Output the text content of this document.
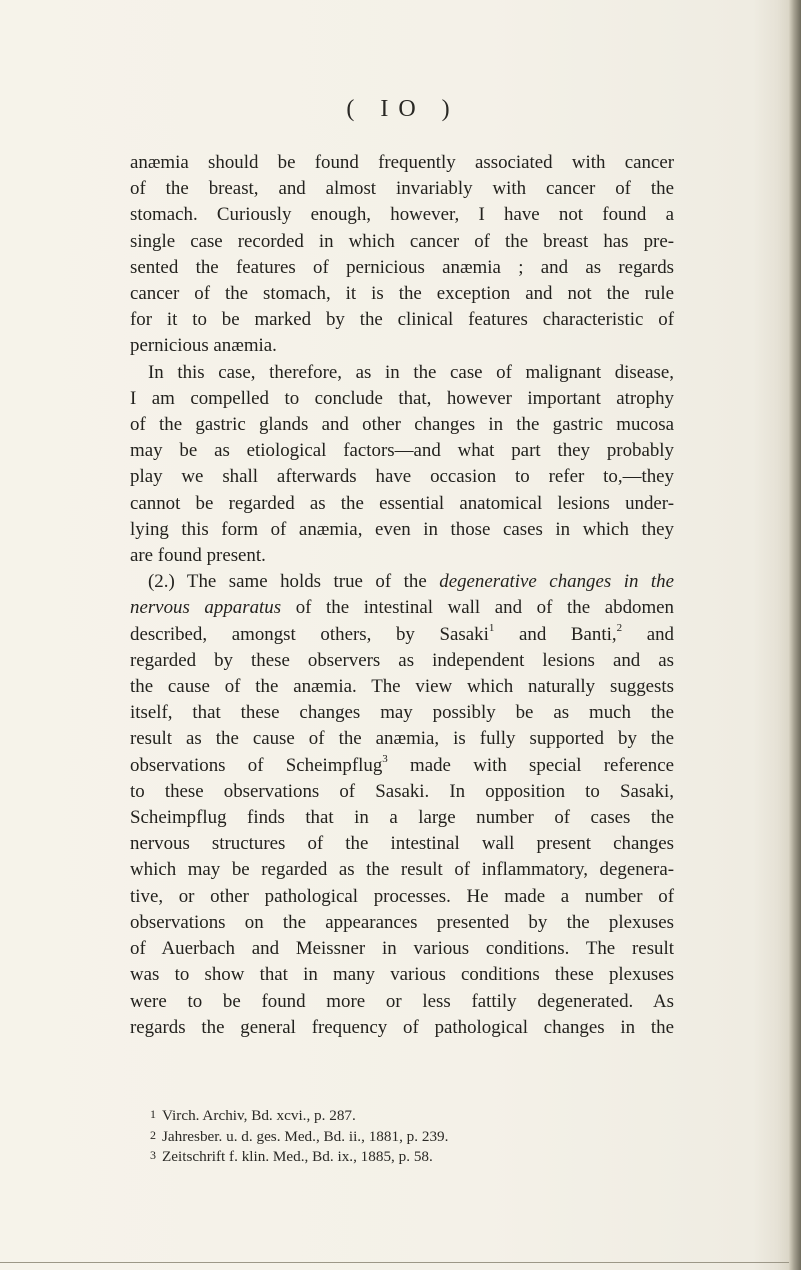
( IO )

anæmia should be found frequently associated with cancer

of the breast, and almost invariably with cancer of the

stomach. Curiously enough, however, I have not found a

single case recorded in which cancer of the breast has pre-

sented the features of pernicious anæmia ; and as regards

cancer of the stomach, it is the exception and not the rule

for it to be marked by the clinical features characteristic of

pernicious anæmia.

In this case, therefore, as in the case of malignant disease,

I am compelled to conclude that, however important atrophy

of the gastric glands and other changes in the gastric mucosa

may be as etiological factors—and what part they probably

play we shall afterwards have occasion to refer to,—they

cannot be regarded as the essential anatomical lesions under-

lying this form of anæmia, even in those cases in which they

are found present.

(2.) The same holds true of the degenerative changes in the

nervous apparatus of the intestinal wall and of the abdomen

described, amongst others, by Sasaki$^1$ and Banti,$^2$ and

regarded by these observers as independent lesions and as

the cause of the anæmia. The view which naturally suggests

itself, that these changes may possibly be as much the

result as the cause of the anæmia, is fully supported by the

observations of Scheimpflug$^3$ made with special reference

to these observations of Sasaki. In opposition to Sasaki,

Scheimpflug finds that in a large number of cases the

nervous structures of the intestinal wall present changes

which may be regarded as the result of inflammatory, degenera-

tive, or other pathological processes. He made a number of

observations on the appearances presented by the plexuses

of Auerbach and Meissner in various conditions. The result

was to show that in many various conditions these plexuses

were to be found more or less fattily degenerated. As

regards the general frequency of pathological changes in the

1 Virch. Archiv, Bd. xcvi., p. 287.
2 Jahresber. u. d. ges. Med., Bd. ii., 1881, p. 239.
3 Zeitschrift f. klin. Med., Bd. ix., 1885, p. 58.
